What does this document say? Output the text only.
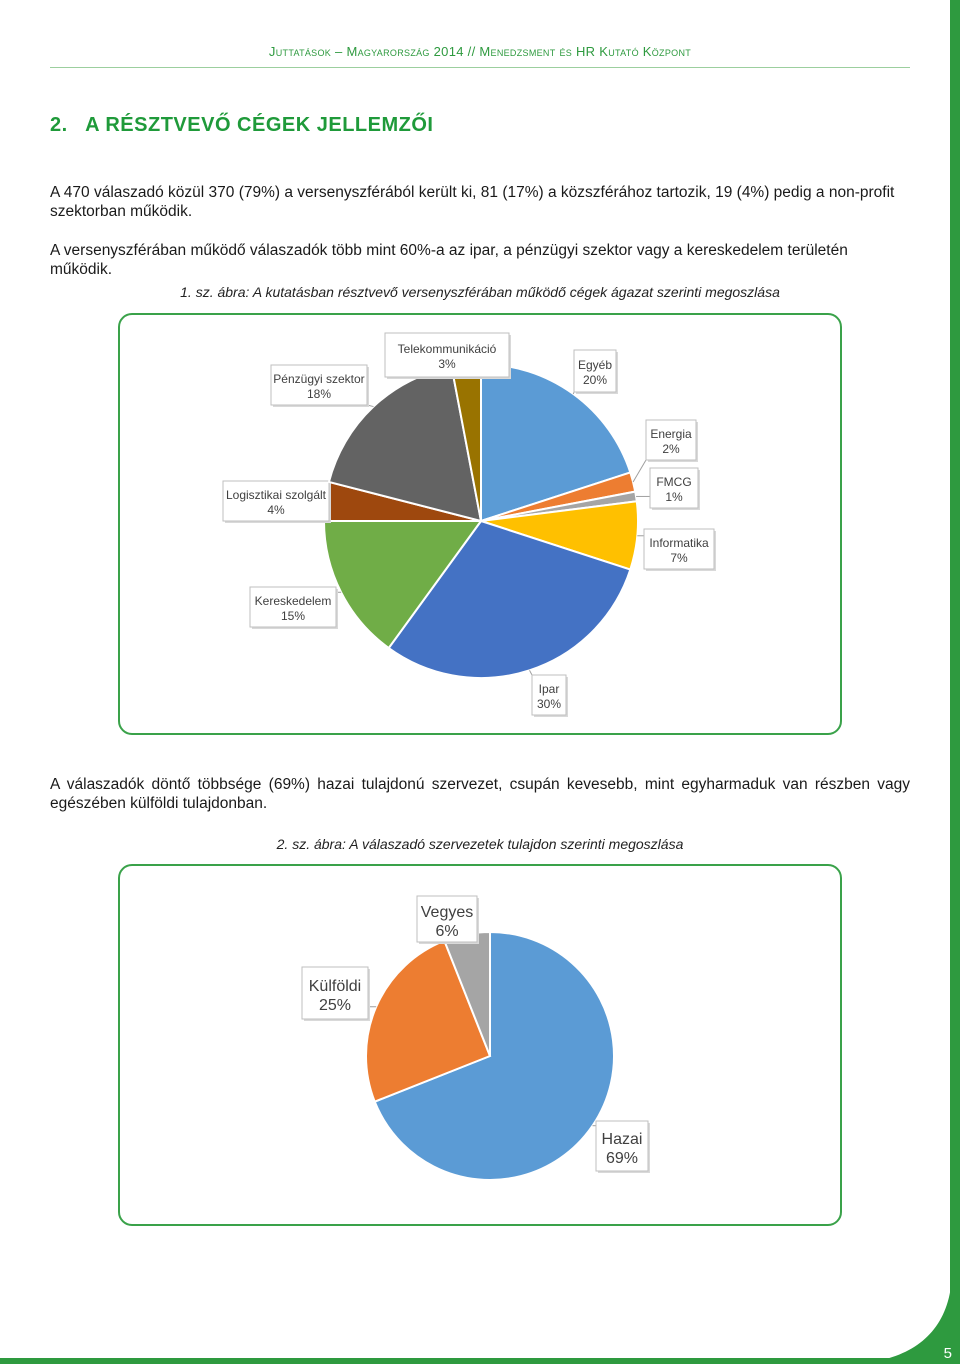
Juttatások – Magyarország 2014 // Menedzsment és HR Kutató Központ
5
2.   A RÉSZTVEVŐ CÉGEK JELLEMZŐI
A 470 válaszadó közül 370 (79%) a versenyszférából került ki, 81 (17%) a közszférához tartozik, 19 (4%) pedig a non-profit szektorban működik.
A versenyszférában működő válaszadók több mint 60%-a az ipar, a pénzügyi szektor vagy a kereskedelem területén működik.
1. sz. ábra: A kutatásban résztvevő versenyszférában működő cégek ágazat szerinti megoszlása
Egyéb
20%
Energia
2%
FMCG
1%
Informatika
7%
Ipar
30%
Kereskedelem
15%
Logisztikai szolgált
4%
Pénzügyi szektor
18%
Telekommunikáció
3%
A válaszadók döntő többsége (69%) hazai tulajdonú szervezet, csupán kevesebb, mint egyharmaduk van részben vagy egészében külföldi tulajdonban.
2. sz. ábra: A válaszadó szervezetek tulajdon szerinti megoszlása
Hazai
69%
Külföldi
25%
Vegyes
6%
